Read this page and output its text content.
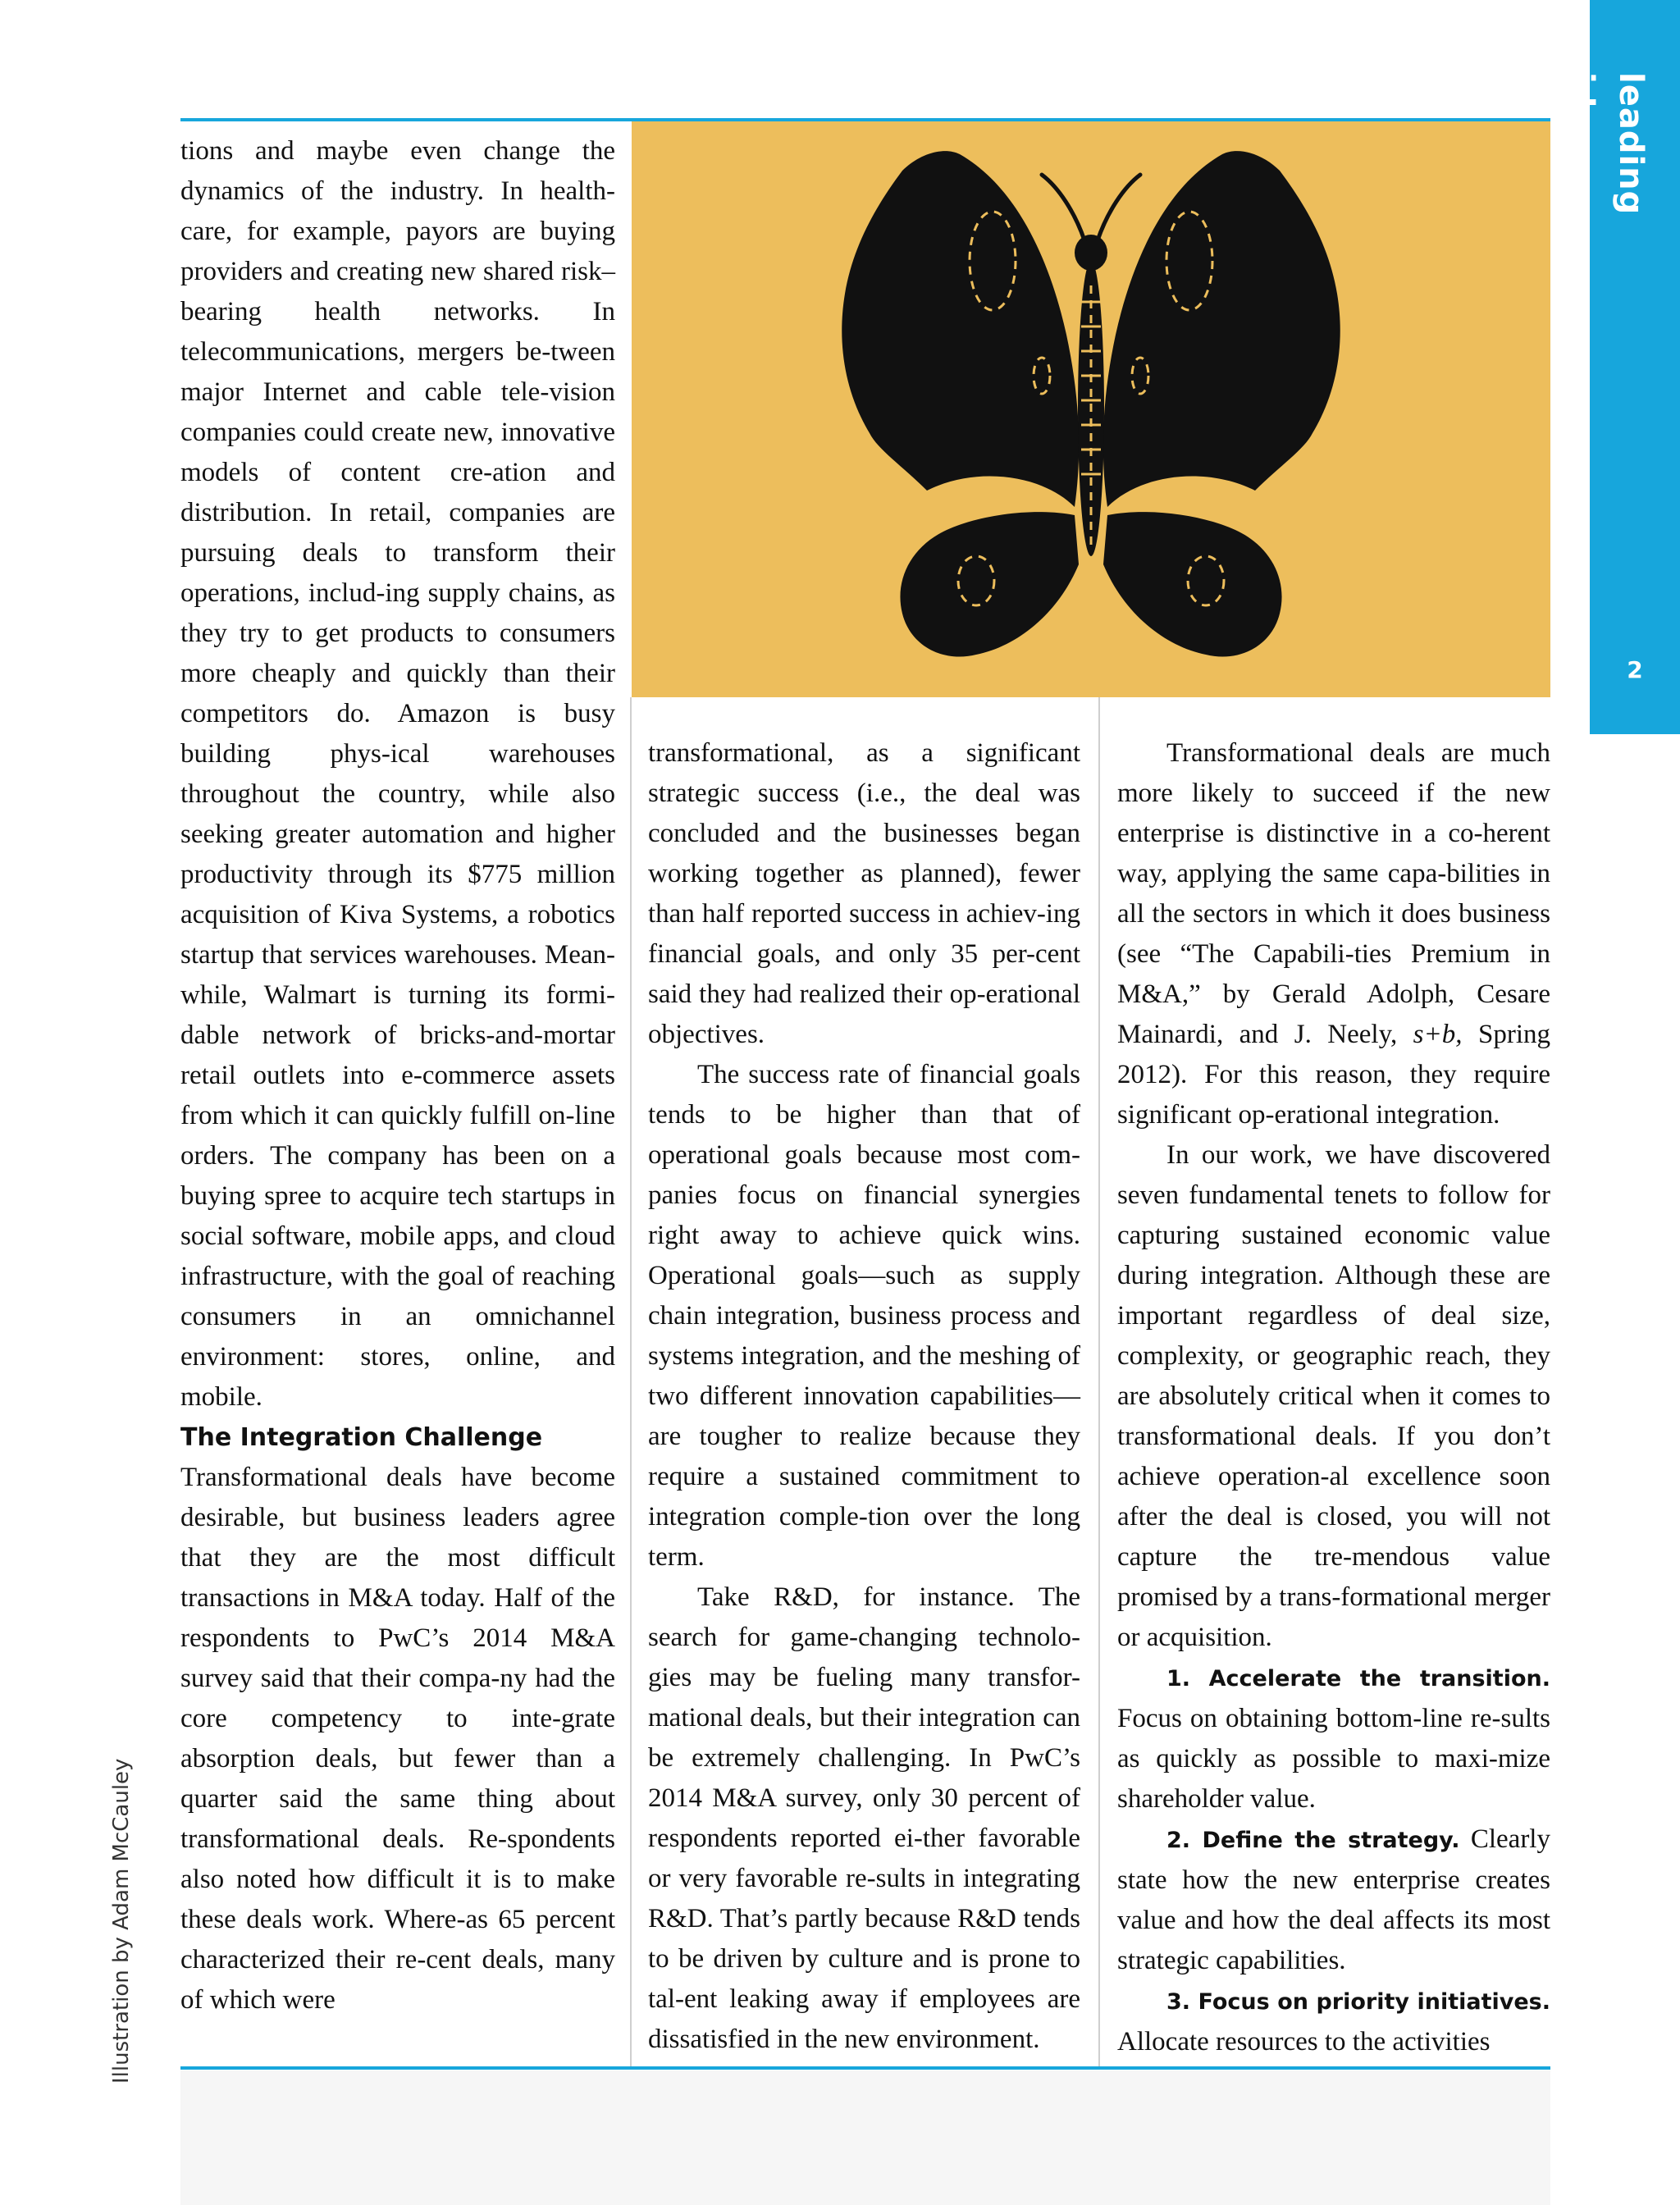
leading ideas
2
Illustration by Adam McCauley

tions and maybe even change the dynamics of the industry. In health-care, for example, payors are buying providers and creating new shared risk–bearing health networks. In telecommunications, mergers be-tween major Internet and cable tele-vision companies could create new, innovative models of content cre-ation and distribution. In retail, companies are pursuing deals to transform their operations, includ-ing supply chains, as they try to get products to consumers more cheaply and quickly than their competitors do. Amazon is busy building phys-ical warehouses throughout the country, while also seeking greater automation and higher productivity through its $775 million acquisition of Kiva Systems, a robotics startup that services warehouses. Mean-while, Walmart is turning its formi-dable network of bricks-and-mortar retail outlets into e-commerce assets from which it can quickly fulfill on-line orders. The company has been on a buying spree to acquire tech startups in social software, mobile apps, and cloud infrastructure, with the goal of reaching consumers in an omnichannel environment: stores, online, and mobile.

The Integration Challenge

Transformational deals have become desirable, but business leaders agree that they are the most difficult transactions in M&A today. Half of the respondents to PwC’s 2014 M&A survey said that their compa-ny had the core competency to inte-grate absorption deals, but fewer than a quarter said the same thing about transformational deals. Re-spondents also noted how difficult it is to make these deals work. Where-as 65 percent characterized their re-cent deals, many of which were

transformational, as a significant strategic success (i.e., the deal was concluded and the businesses began working together as planned), fewer than half reported success in achiev-ing financial goals, and only 35 per-cent said they had realized their op-erational objectives.

The success rate of financial goals tends to be higher than that of operational goals because most com-panies focus on financial synergies right away to achieve quick wins. Operational goals—such as supply chain integration, business process and systems integration, and the meshing of two different innovation capabilities—are tougher to realize because they require a sustained commitment to integration comple-tion over the long term.

Take R&D, for instance. The search for game-changing technolo-gies may be fueling many transfor-mational deals, but their integration can be extremely challenging. In PwC’s 2014 M&A survey, only 30 percent of respondents reported ei-ther favorable or very favorable re-sults in integrating R&D. That’s partly because R&D tends to be driven by culture and is prone to tal-ent leaking away if employees are dissatisfied in the new environment.

Transformational deals are much more likely to succeed if the new enterprise is distinctive in a co-herent way, applying the same capa-bilities in all the sectors in which it does business (see “The Capabili-ties Premium in M&A,” by Gerald Adolph, Cesare Mainardi, and J. Neely, s+b, Spring 2012). For this reason, they require significant op-erational integration.

In our work, we have discovered seven fundamental tenets to follow for capturing sustained economic value during integration. Although these are important regardless of deal size, complexity, or geographic reach, they are absolutely critical when it comes to transformational deals. If you don’t achieve operation-al excellence soon after the deal is closed, you will not capture the tre-mendous value promised by a trans-formational merger or acquisition.

1. Accelerate the transition. Focus on obtaining bottom-line re-sults as quickly as possible to maxi-mize shareholder value.

2. Define the strategy. Clearly state how the new enterprise creates value and how the deal affects its most strategic capabilities.

3. Focus on priority initiatives. Allocate resources to the activities
